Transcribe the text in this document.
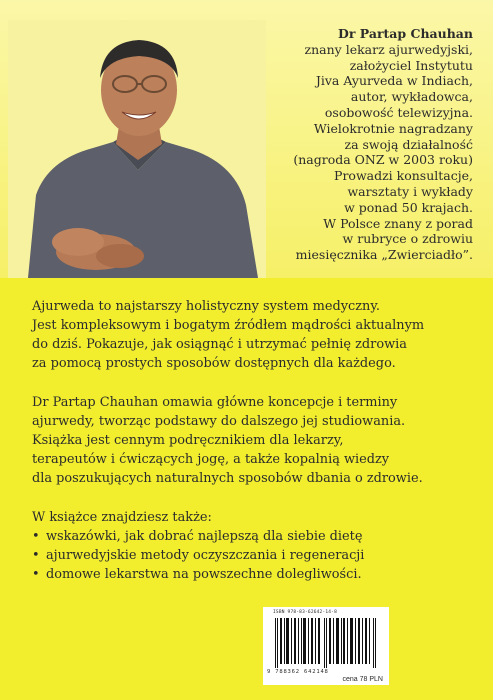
Dr Partap Chauhan
znany lekarz ajurwedyjski,
założyciel Instytutu
Jiva Ayurveda w Indiach,
autor, wykładowca,
osobowość telewizyjna.
Wielokrotnie nagradzany
za swoją działalność
(nagroda ONZ w 2003 roku)
Prowadzi konsultacje,
warsztaty i wykłady
w ponad 50 krajach.
W Polsce znany z porad
w rubryce o zdrowiu
miesięcznika „Zwierciadło”.

Ajurweda to najstarszy holistyczny system medyczny.
Jest kompleksowym i bogatym źródłem mądrości aktualnym
do dziś. Pokazuje, jak osiągnąć i utrzymać pełnię zdrowia
za pomocą prostych sposobów dostępnych dla każdego.

Dr Partap Chauhan omawia główne koncepcje i terminy
ajurwedy, tworząc podstawy do dalszego jej studiowania.
Książka jest cennym podręcznikiem dla lekarzy,
terapeutów i ćwiczących jogę, a także kopalnią wiedzy
dla poszukujących naturalnych sposobów dbania o zdrowie.

W książce znajdziesz także:
• wskazówki, jak dobrać najlepszą dla siebie dietę
• ajurwedyjskie metody oczyszczania i regeneracji
• domowe lekarstwa na powszechne dolegliwości.
ISBN 978-83-62642-14-8
9 788362 642148
cena 78 PLN
